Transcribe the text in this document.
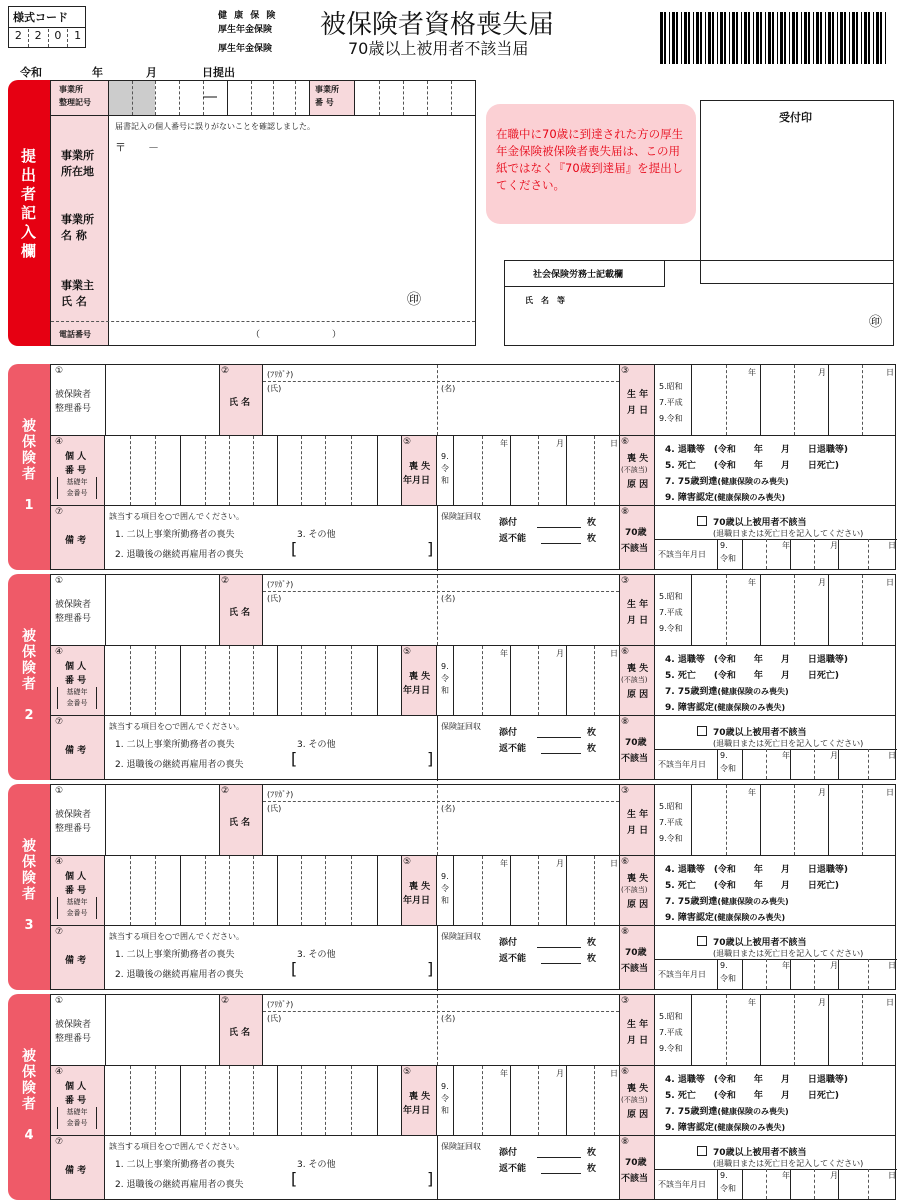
様式コード
2	2	0	1
健 康 保 険
厚生年金保険
厚生年金保険
被保険者資格喪失届
70歳以上被用者不該当届
令和	年	月	日提出
提出者記入欄
事業所
整理記号	―	事業所
番 号
届書記入の個人番号に誤りがないことを確認しました。
〒　　－
事業所
所在地
事業所
名 称
事業主
氏 名	㊞
電話番号	（　　　　　　　　）
在職中に70歳に到達された方の厚生年金保険被保険者喪失届は、この用紙ではなく『70歳到達届』を提出してください。
受付印
社会保険労務士記載欄
氏　名　等
㊞
被保険者
1
①
被保険者
整理番号
②
氏 名
(ﾌﾘｶﾞﾅ)
(氏)	(名)
③
生 年
月 日
5.昭和
7.平成
9.令和
年	月	日
④
個 人
番 号
基礎年
金番号
⑤
喪 失
年月日
9.
令
和
年	月	日 ⑥
喪 失
(不該当)
原 因
4. 退職等　(令和　　年　　月　　日退職等)
5. 死亡　　(令和　　年　　月　　日死亡)
7. 75歳到達(健康保険のみ喪失)
9. 障害認定(健康保険のみ喪失)
⑦
備 考
該当する項目を○で囲んでください。
1. 二以上事業所勤務者の喪失	3. その他
2. 退職後の継続再雇用者の喪失	[	]
保険証回収
添付	枚
返不能	枚
⑧
70歳
不該当
70歳以上被用者不該当
(退職日または死亡日を記入してください)
不該当年月日
9.
令和
年	月	日
被保険者
2
①
被保険者
整理番号
②
氏 名
(ﾌﾘｶﾞﾅ)
(氏)	(名)
③
生 年
月 日
5.昭和
7.平成
9.令和
年	月	日
④
個 人
番 号
基礎年
金番号
⑤
喪 失
年月日
9.
令
和
年	月	日 ⑥
喪 失
(不該当)
原 因
4. 退職等　(令和　　年　　月　　日退職等)
5. 死亡　　(令和　　年　　月　　日死亡)
7. 75歳到達(健康保険のみ喪失)
9. 障害認定(健康保険のみ喪失)
⑦
備 考
該当する項目を○で囲んでください。
1. 二以上事業所勤務者の喪失	3. その他
2. 退職後の継続再雇用者の喪失	[	]
保険証回収
添付	枚
返不能	枚
⑧
70歳
不該当
70歳以上被用者不該当
(退職日または死亡日を記入してください)
不該当年月日
9.
令和
年	月	日
被保険者
3
①
被保険者
整理番号
②
氏 名
(ﾌﾘｶﾞﾅ)
(氏)	(名)
③
生 年
月 日
5.昭和
7.平成
9.令和
年	月	日
④
個 人
番 号
基礎年
金番号
⑤
喪 失
年月日
9.
令
和
年	月	日 ⑥
喪 失
(不該当)
原 因
4. 退職等　(令和　　年　　月　　日退職等)
5. 死亡　　(令和　　年　　月　　日死亡)
7. 75歳到達(健康保険のみ喪失)
9. 障害認定(健康保険のみ喪失)
⑦
備 考
該当する項目を○で囲んでください。
1. 二以上事業所勤務者の喪失	3. その他
2. 退職後の継続再雇用者の喪失	[	]
保険証回収
添付	枚
返不能	枚
⑧
70歳
不該当
70歳以上被用者不該当
(退職日または死亡日を記入してください)
不該当年月日
9.
令和
年	月	日
被保険者
4
①
被保険者
整理番号
②
氏 名
(ﾌﾘｶﾞﾅ)
(氏)	(名)
③
生 年
月 日
5.昭和
7.平成
9.令和
年	月	日
④
個 人
番 号
基礎年
金番号
⑤
喪 失
年月日
9.
令
和
年	月	日 ⑥
喪 失
(不該当)
原 因
4. 退職等　(令和　　年　　月　　日退職等)
5. 死亡　　(令和　　年　　月　　日死亡)
7. 75歳到達(健康保険のみ喪失)
9. 障害認定(健康保険のみ喪失)
⑦
備 考
該当する項目を○で囲んでください。
1. 二以上事業所勤務者の喪失	3. その他
2. 退職後の継続再雇用者の喪失	[	]
保険証回収
添付	枚
返不能	枚
⑧
70歳
不該当
70歳以上被用者不該当
(退職日または死亡日を記入してください)
不該当年月日
9.
令和
年	月	日
